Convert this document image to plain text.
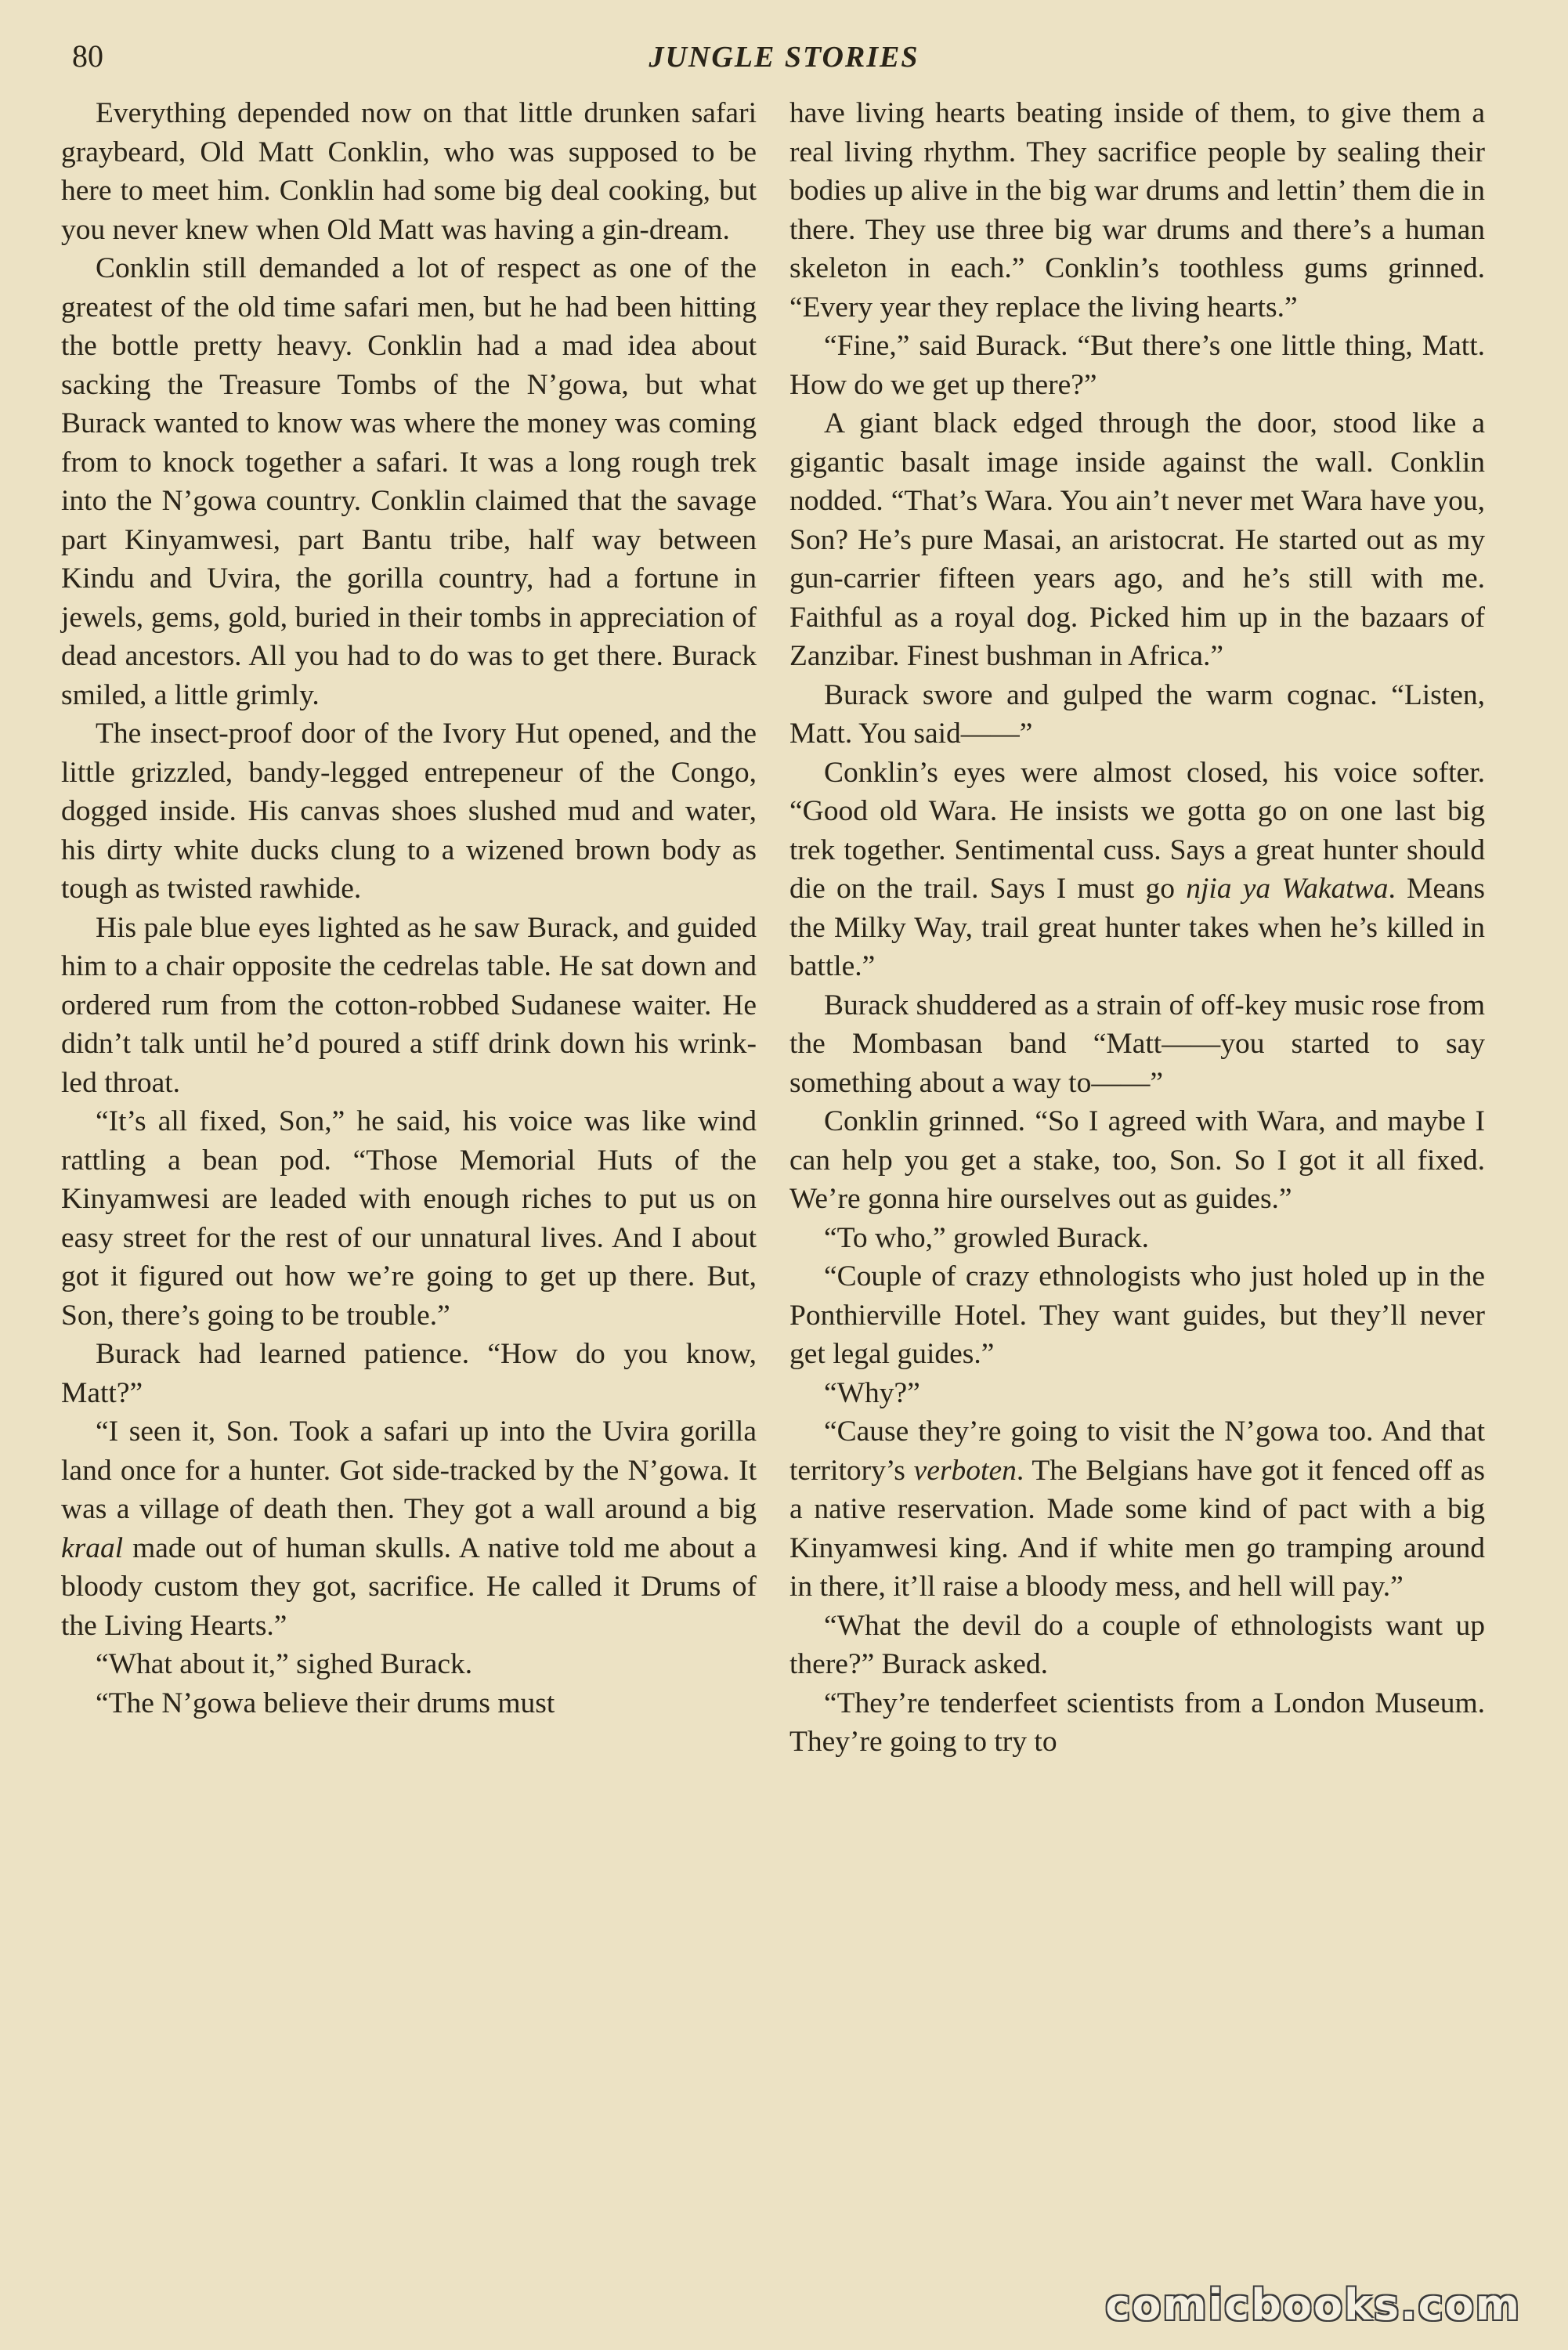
80	JUNGLE STORIES

Everything depended now on that little drunken safari graybeard, Old Matt Conklin, who was supposed to be here to meet him. Conklin had some big deal cooking, but you never knew when Old Matt was having a gin-dream.

Conklin still demanded a lot of respect as one of the greatest of the old time safari men, but he had been hitting the bottle pretty heavy. Conklin had a mad idea about sacking the Treasure Tombs of the N’gowa, but what Burack wanted to know was where the money was coming from to knock together a safari. It was a long rough trek into the N’gowa country. Conklin claimed that the savage part Kinyamwesi, part Bantu tribe, half way between Kindu and Uvira, the gorilla country, had a fortune in jewels, gems, gold, buried in their tombs in appreciation of dead ancestors. All you had to do was to get there. Burack smiled, a little grimly.

The insect-proof door of the Ivory Hut opened, and the little grizzled, bandy-legged entrepeneur of the Congo, dogged inside. His canvas shoes slushed mud and water, his dirty white ducks clung to a wizened brown body as tough as twisted rawhide.

His pale blue eyes lighted as he saw Burack, and guided him to a chair opposite the cedrelas table. He sat down and ordered rum from the cotton-robbed Sudanese waiter. He didn’t talk until he’d poured a stiff drink down his wrinkled throat.

“It’s all fixed, Son,” he said, his voice was like wind rattling a bean pod. “Those Memorial Huts of the Kinyamwesi are leaded with enough riches to put us on easy street for the rest of our unnatural lives. And I about got it figured out how we’re going to get up there. But, Son, there’s going to be trouble.”

Burack had learned patience. “How do you know, Matt?”

“I seen it, Son. Took a safari up into the Uvira gorilla land once for a hunter. Got side-tracked by the N’gowa. It was a village of death then. They got a wall around a big kraal made out of human skulls. A native told me about a bloody custom they got, sacrifice. He called it Drums of the Living Hearts.”

“What about it,” sighed Burack.

“The N’gowa believe their drums must

have living hearts beating inside of them, to give them a real living rhythm. They sacrifice people by sealing their bodies up alive in the big war drums and lettin’ them die in there. They use three big war drums and there’s a human skeleton in each.” Conklin’s toothless gums grinned. “Every year they replace the living hearts.”

“Fine,” said Burack. “But there’s one little thing, Matt. How do we get up there?”

A giant black edged through the door, stood like a gigantic basalt image inside against the wall. Conklin nodded. “That’s Wara. You ain’t never met Wara have you, Son? He’s pure Masai, an aristocrat. He started out as my gun-carrier fifteen years ago, and he’s still with me. Faithful as a royal dog. Picked him up in the bazaars of Zanzibar. Finest bushman in Africa.”

Burack swore and gulped the warm cognac. “Listen, Matt. You said——”

Conklin’s eyes were almost closed, his voice softer. “Good old Wara. He insists we gotta go on one last big trek together. Sentimental cuss. Says a great hunter should die on the trail. Says I must go njia ya Wakatwa. Means the Milky Way, trail great hunter takes when he’s killed in battle.”

Burack shuddered as a strain of off-key music rose from the Mombasan band “Matt——you started to say something about a way to——”

Conklin grinned. “So I agreed with Wara, and maybe I can help you get a stake, too, Son. So I got it all fixed. We’re gonna hire ourselves out as guides.”

“To who,” growled Burack.

“Couple of crazy ethnologists who just holed up in the Ponthierville Hotel. They want guides, but they’ll never get legal guides.”

“Why?”

“Cause they’re going to visit the N’gowa too. And that territory’s verboten. The Belgians have got it fenced off as a native reservation. Made some kind of pact with a big Kinyamwesi king. And if white men go tramping around in there, it’ll raise a bloody mess, and hell will pay.”

“What the devil do a couple of ethnologists want up there?” Burack asked.

“They’re tenderfeet scientists from a London Museum. They’re going to try to

comicbooks.com
